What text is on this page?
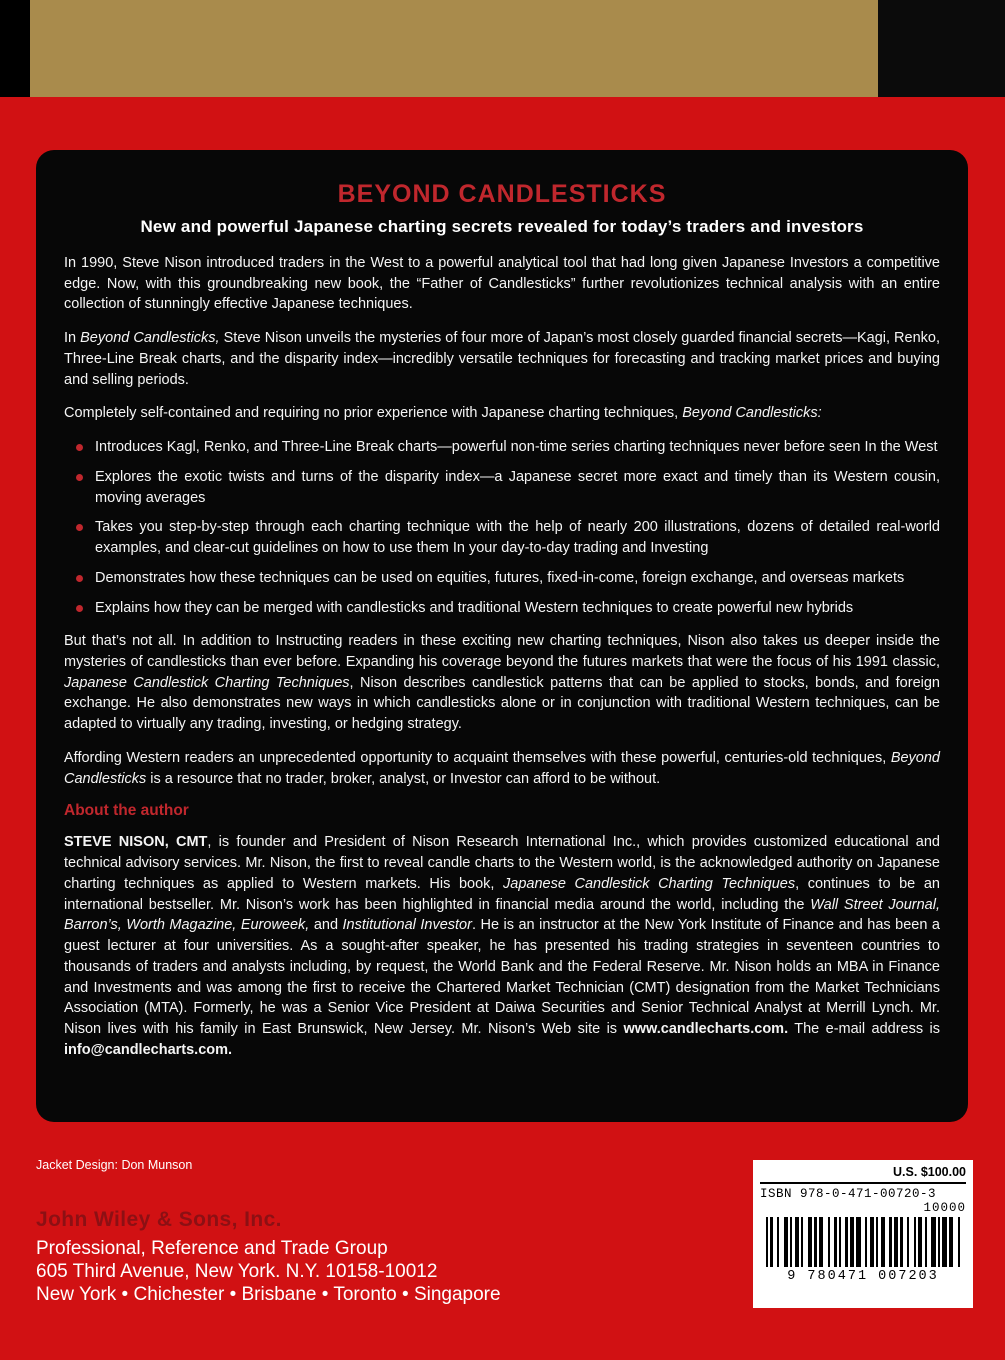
BEYOND CANDLESTICKS
New and powerful Japanese charting secrets revealed for today’s traders and investors

In 1990, Steve Nison introduced traders in the West to a powerful analytical tool that had long given Japanese Investors a competitive edge. Now, with this groundbreaking new book, the “Father of Candlesticks” further revolutionizes technical analysis with an entire collection of stunningly effective Japanese techniques.

In Beyond Candlesticks, Steve Nison unveils the mysteries of four more of Japan’s most closely guarded financial secrets—Kagi, Renko, Three-Line Break charts, and the disparity index—incredibly versatile techniques for forecasting and tracking market prices and buying and selling periods.

Completely self-contained and requiring no prior experience with Japanese charting techniques, Beyond Candlesticks:

Introduces Kagl, Renko, and Three-Line Break charts—powerful non-time series charting techniques never before seen In the West
Explores the exotic twists and turns of the disparity index—a Japanese secret more exact and timely than its Western cousin, moving averages
Takes you step-by-step through each charting technique with the help of nearly 200 illustrations, dozens of detailed real-world examples, and clear-cut guidelines on how to use them In your day-to-day trading and Investing
Demonstrates how these techniques can be used on equities, futures, fixed-in-come, foreign exchange, and overseas markets
Explains how they can be merged with candlesticks and traditional Western techniques to create powerful new hybrids

But that’s not all. In addition to Instructing readers in these exciting new charting techniques, Nison also takes us deeper inside the mysteries of candlesticks than ever before. Expanding his coverage beyond the futures markets that were the focus of his 1991 classic, Japanese Candlestick Charting Techniques, Nison describes candlestick patterns that can be applied to stocks, bonds, and foreign exchange. He also demonstrates new ways in which candlesticks alone or in conjunction with traditional Western techniques, can be adapted to virtually any trading, investing, or hedging strategy.

Affording Western readers an unprecedented opportunity to acquaint themselves with these powerful, centuries-old techniques, Beyond Candlesticks is a resource that no trader, broker, analyst, or Investor can afford to be without.

About the author

STEVE NISON, CMT, is founder and President of Nison Research International Inc., which provides customized educational and technical advisory services. Mr. Nison, the first to reveal candle charts to the Western world, is the acknowledged authority on Japanese charting techniques as applied to Western markets. His book, Japanese Candlestick Charting Techniques, continues to be an international bestseller. Mr. Nison’s work has been highlighted in financial media around the world, including the Wall Street Journal, Barron’s, Worth Magazine, Euroweek, and Institutional Investor. He is an instructor at the New York Institute of Finance and has been a guest lecturer at four universities. As a sought-after speaker, he has presented his trading strategies in seventeen countries to thousands of traders and analysts including, by request, the World Bank and the Federal Reserve. Mr. Nison holds an MBA in Finance and Investments and was among the first to receive the Chartered Market Technician (CMT) designation from the Market Technicians Association (MTA). Formerly, he was a Senior Vice President at Daiwa Securities and Senior Technical Analyst at Merrill Lynch. Mr. Nison lives with his family in East Brunswick, New Jersey. Mr. Nison’s Web site is www.candlecharts.com. The e-mail address is info@candlecharts.com.

Jacket Design: Don Munson

John Wiley & Sons, Inc.

Professional, Reference and Trade Group

605 Third Avenue, New York. N.Y. 10158-10012

New York • Chichester • Brisbane • Toronto • Singapore

U.S. $100.00
ISBN 978-0-471-00720-3
10000
9 780471 007203
